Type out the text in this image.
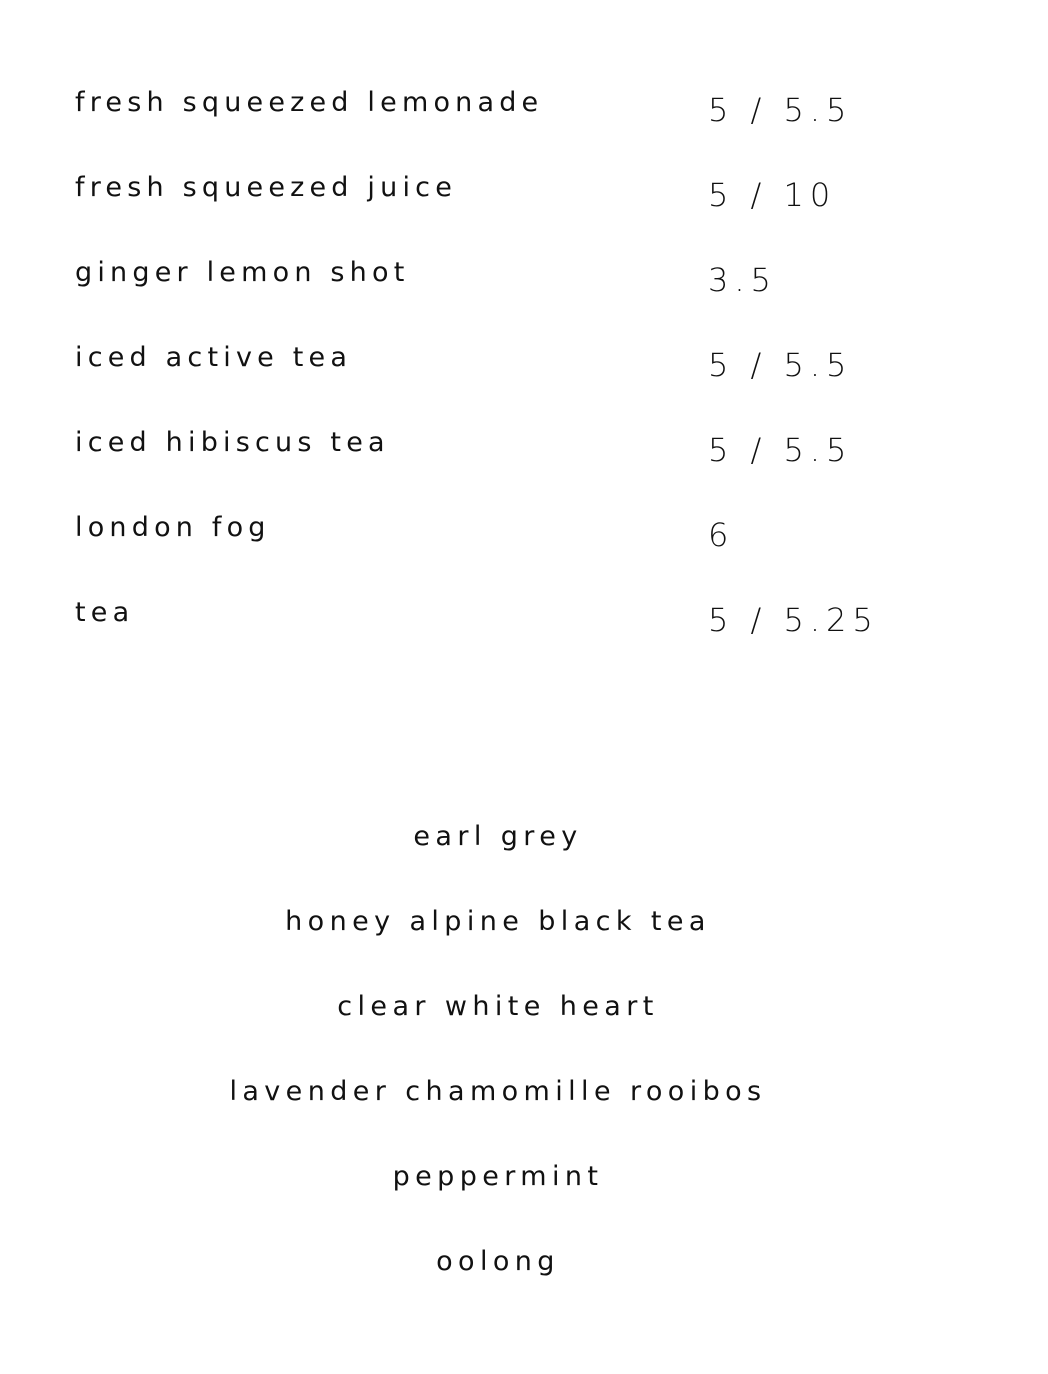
fresh squeezed lemonade	5 / 5.5
fresh squeezed juice	5 / 10
ginger lemon shot	3.5
iced active tea	5 / 5.5
iced hibiscus tea	5 / 5.5
london fog	6
tea	5 / 5.25
earl grey
honey alpine black tea
clear white heart
lavender chamomille rooibos
peppermint
oolong
